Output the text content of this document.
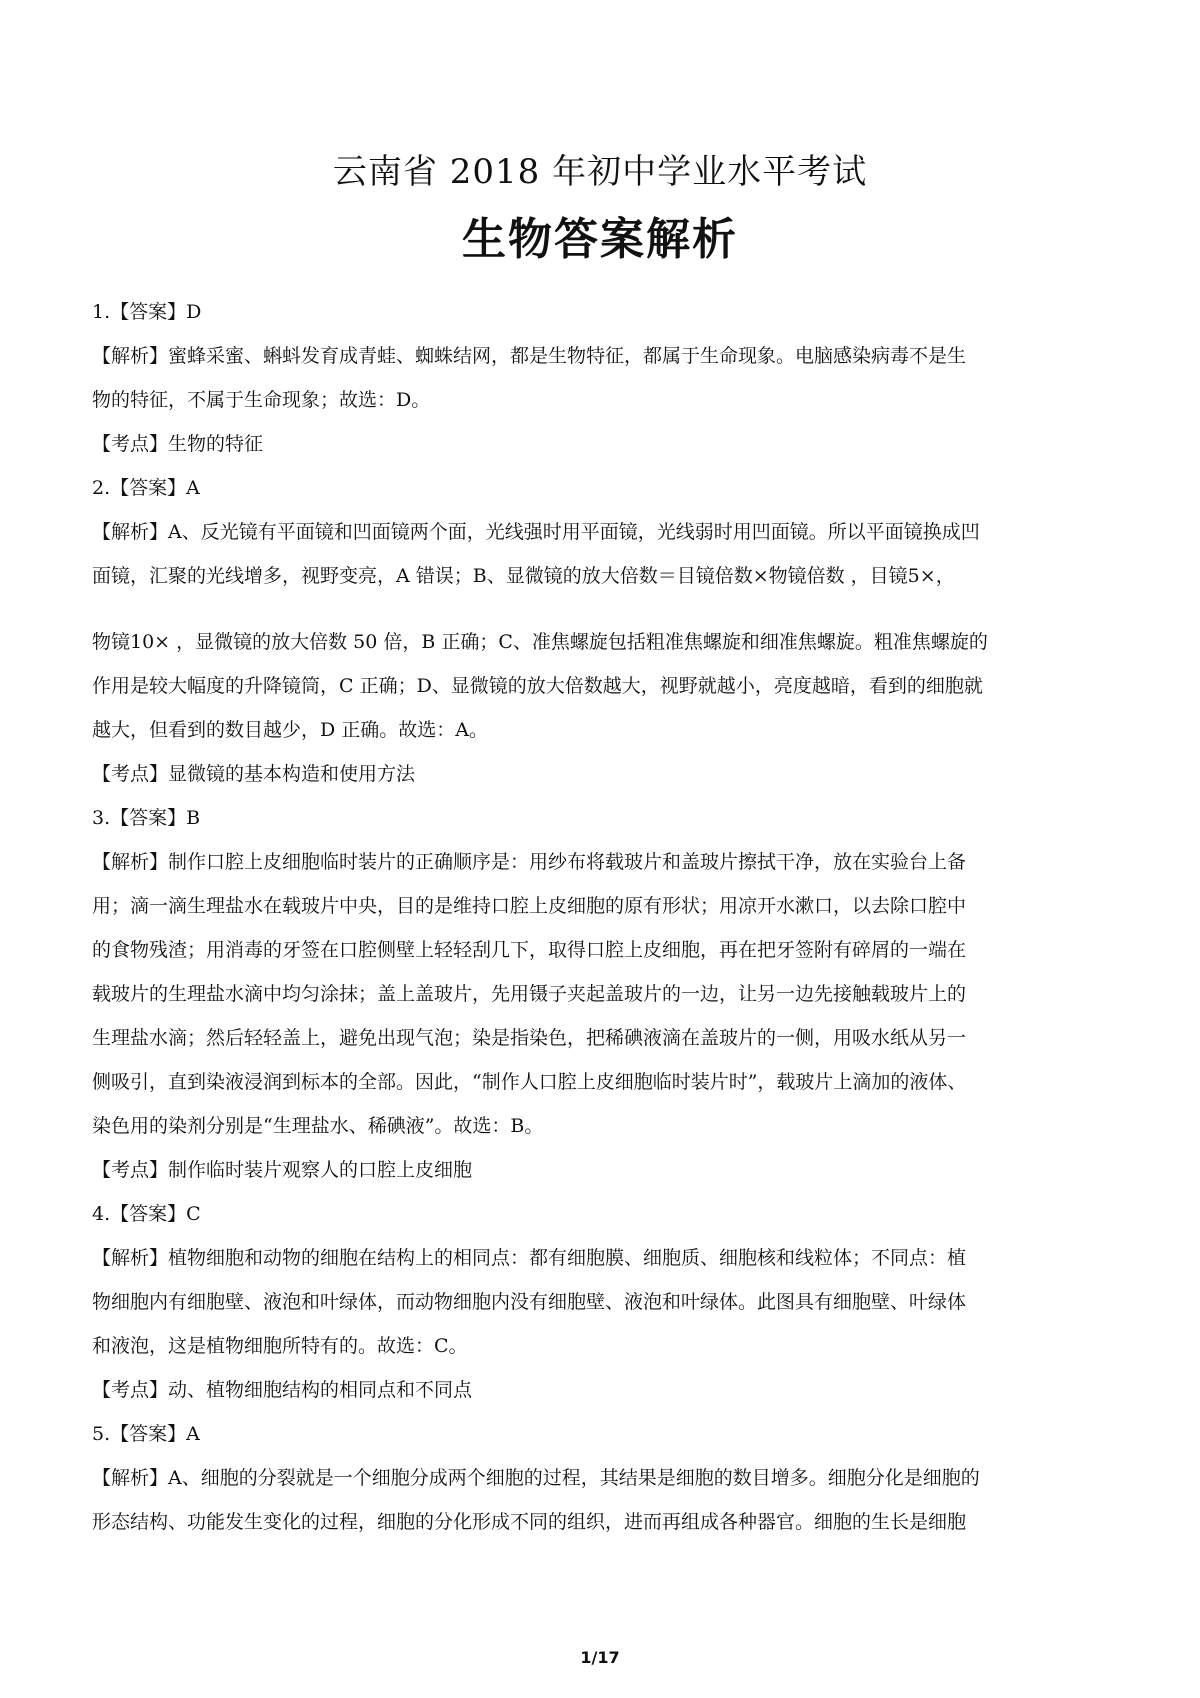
云南省 2018 年初中学业水平考试
生物答案解析
1.【答案】D
【解析】蜜蜂采蜜、蝌蚪发育成青蛙、蜘蛛结网，都是生物特征，都属于生命现象。电脑感染病毒不是生
物的特征，不属于生命现象；故选：D。
【考点】生物的特征
2.【答案】A
【解析】A、反光镜有平面镜和凹面镜两个面，光线强时用平面镜，光线弱时用凹面镜。所以平面镜换成凹
面镜，汇聚的光线增多，视野变亮，A 错误；B、显微镜的放大倍数＝目镜倍数×物镜倍数 ，目镜5×，
物镜10× ，显微镜的放大倍数 50 倍，B 正确；C、准焦螺旋包括粗准焦螺旋和细准焦螺旋。粗准焦螺旋的
作用是较大幅度的升降镜筒，C 正确；D、显微镜的放大倍数越大，视野就越小，亮度越暗，看到的细胞就
越大，但看到的数目越少，D 正确。故选：A。
【考点】显微镜的基本构造和使用方法
3.【答案】B
【解析】制作口腔上皮细胞临时装片的正确顺序是：用纱布将载玻片和盖玻片擦拭干净，放在实验台上备
用；滴一滴生理盐水在载玻片中央，目的是维持口腔上皮细胞的原有形状；用凉开水漱口，以去除口腔中
的食物残渣；用消毒的牙签在口腔侧壁上轻轻刮几下，取得口腔上皮细胞，再在把牙签附有碎屑的一端在
载玻片的生理盐水滴中均匀涂抹；盖上盖玻片，先用镊子夹起盖玻片的一边，让另一边先接触载玻片上的
生理盐水滴；然后轻轻盖上，避免出现气泡；染是指染色，把稀碘液滴在盖玻片的一侧，用吸水纸从另一
侧吸引，直到染液浸润到标本的全部。因此，“制作人口腔上皮细胞临时装片时”，载玻片上滴加的液体、
染色用的染剂分别是“生理盐水、稀碘液”。故选：B。
【考点】制作临时装片观察人的口腔上皮细胞
4.【答案】C
【解析】植物细胞和动物的细胞在结构上的相同点：都有细胞膜、细胞质、细胞核和线粒体；不同点：植
物细胞内有细胞壁、液泡和叶绿体，而动物细胞内没有细胞壁、液泡和叶绿体。此图具有细胞壁、叶绿体
和液泡，这是植物细胞所特有的。故选：C。
【考点】动、植物细胞结构的相同点和不同点
5.【答案】A
【解析】A、细胞的分裂就是一个细胞分成两个细胞的过程，其结果是细胞的数目增多。细胞分化是细胞的
形态结构、功能发生变化的过程，细胞的分化形成不同的组织，进而再组成各种器官。细胞的生长是细胞
1/17
